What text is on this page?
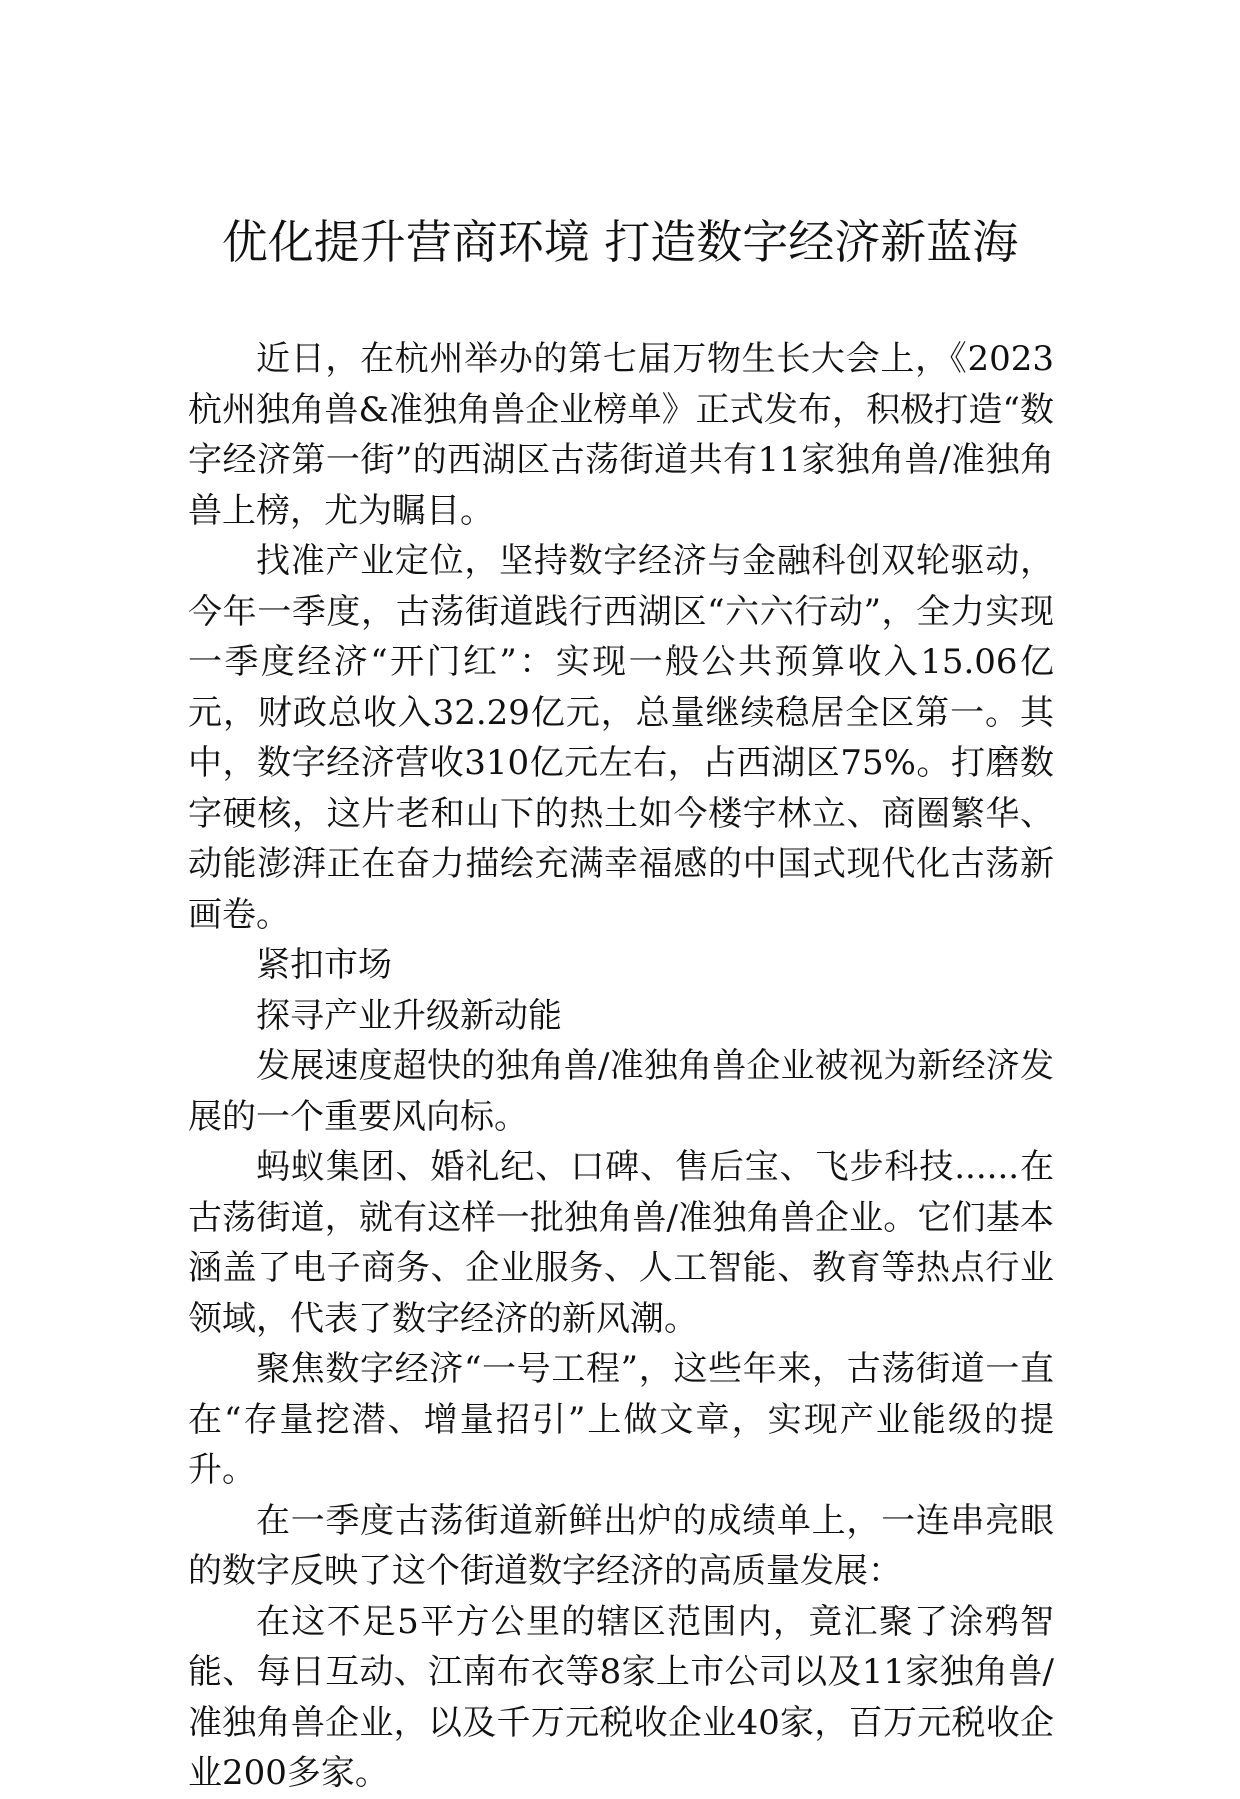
优化提升营商环境 打造数字经济新蓝海

近日，在杭州举办的第七届万物生长大会上，《2023杭州独角兽&准独角兽企业榜单》正式发布，积极打造“数字经济第一街”的西湖区古荡街道共有11家独角兽/准独角兽上榜，尤为瞩目。

找准产业定位，坚持数字经济与金融科创双轮驱动，今年一季度，古荡街道践行西湖区“六六行动”，全力实现一季度经济“开门红”：实现一般公共预算收入15.06亿元，财政总收入32.29亿元，总量继续稳居全区第一。其中，数字经济营收310亿元左右，占西湖区75%。打磨数字硬核，这片老和山下的热土如今楼宇林立、商圈繁华、动能澎湃正在奋力描绘充满幸福感的中国式现代化古荡新画卷。

紧扣市场

探寻产业升级新动能

发展速度超快的独角兽/准独角兽企业被视为新经济发展的一个重要风向标。

蚂蚁集团、婚礼纪、口碑、售后宝、飞步科技......在古荡街道，就有这样一批独角兽/准独角兽企业。它们基本涵盖了电子商务、企业服务、人工智能、教育等热点行业领域，代表了数字经济的新风潮。

聚焦数字经济“一号工程”，这些年来，古荡街道一直在“存量挖潜、增量招引”上做文章，实现产业能级的提升。

在一季度古荡街道新鲜出炉的成绩单上，一连串亮眼的数字反映了这个街道数字经济的高质量发展：

在这不足5平方公里的辖区范围内，竟汇聚了涂鸦智能、每日互动、江南布衣等8家上市公司以及11家独角兽/准独角兽企业，以及千万元税收企业40家，百万元税收企业200多家。
